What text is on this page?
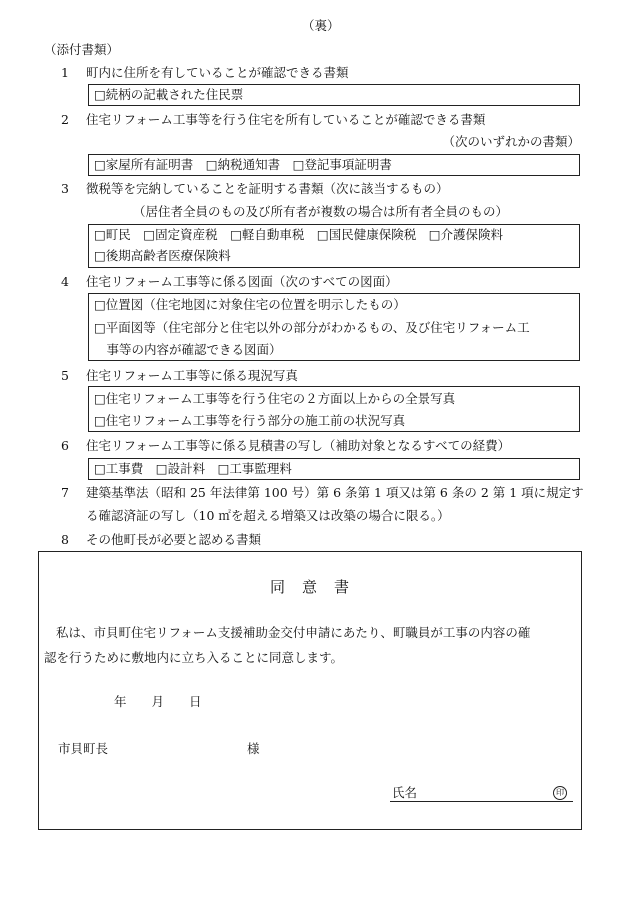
（裏）
（添付書類）
1 町内に住所を有していることが確認できる書類
□続柄の記載された住民票
2 住宅リフォーム工事等を行う住宅を所有していることが確認できる書類
（次のいずれかの書類）
□家屋所有証明書　□納税通知書　□登記事項証明書
3 徴税等を完納していることを証明する書類（次に該当するもの）
（居住者全員のもの及び所有者が複数の場合は所有者全員のもの）
□町民　□固定資産税　□軽自動車税　□国民健康保険税　□介護保険料
□後期高齢者医療保険料
4 住宅リフォーム工事等に係る図面（次のすべての図面）
□位置図（住宅地図に対象住宅の位置を明示したもの）
□平面図等（住宅部分と住宅以外の部分がわかるもの、及び住宅リフォーム工
　事等の内容が確認できる図面）
5 住宅リフォーム工事等に係る現況写真
□住宅リフォーム工事等を行う住宅の２方面以上からの全景写真
□住宅リフォーム工事等を行う部分の施工前の状況写真
6 住宅リフォーム工事等に係る見積書の写し（補助対象となるすべての経費）
□工事費　□設計料　□工事監理料
7 建築基準法（昭和 25 年法律第 100 号）第 6 条第 1 項又は第 6 条の 2 第 1 項に規定す
る確認済証の写し（10 ㎡を超える増築又は改築の場合に限る。）
8 その他町長が必要と認める書類
同　意　書
私は、市貝町住宅リフォーム支援補助金交付申請にあたり、町職員が工事の内容の確
認を行うために敷地内に立ち入ることに同意します。
年　　月　　日
市貝町長	様
氏名	印
